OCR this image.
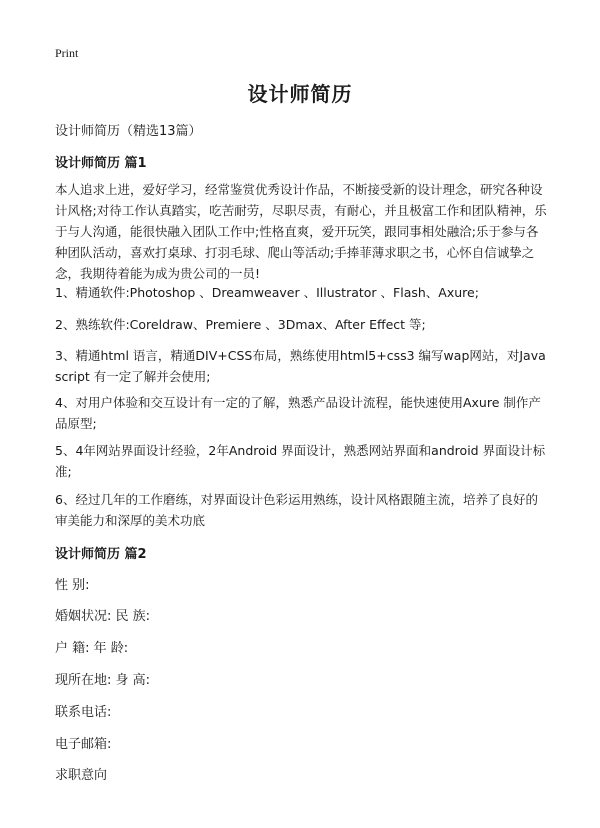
Print
设计师简历
设计师简历（精选13篇）
设计师简历 篇1
本人追求上进，爱好学习，经常鉴赏优秀设计作品，不断接受新的设计理念，研究各种设计风格;对待工作认真踏实，吃苦耐劳，尽职尽责，有耐心，并且极富工作和团队精神，乐于与人沟通，能很快融入团队工作中;性格直爽，爱开玩笑，跟同事相处融洽;乐于参与各种团队活动，喜欢打桌球、打羽毛球、爬山等活动;手捧菲薄求职之书，心怀自信诚挚之念，我期待着能为成为贵公司的一员!
1、精通软件:Photoshop 、Dreamweaver 、Illustrator 、Flash、Axure;
2、熟练软件:Coreldraw、Premiere 、3Dmax、After Effect 等;
3、精通html 语言，精通DIV+CSS布局，熟练使用html5+css3 编写wap网站，对Javascript 有一定了解并会使用;
4、对用户体验和交互设计有一定的了解，熟悉产品设计流程，能快速使用Axure 制作产品原型;
5、4年网站界面设计经验，2年Android 界面设计，熟悉网站界面和android 界面设计标准;
6、经过几年的工作磨练，对界面设计色彩运用熟练，设计风格跟随主流，培养了良好的审美能力和深厚的美术功底
设计师简历 篇2
性 别:
婚姻状况: 民 族:
户 籍: 年 龄:
现所在地: 身 高:
联系电话:
电子邮箱:
求职意向
